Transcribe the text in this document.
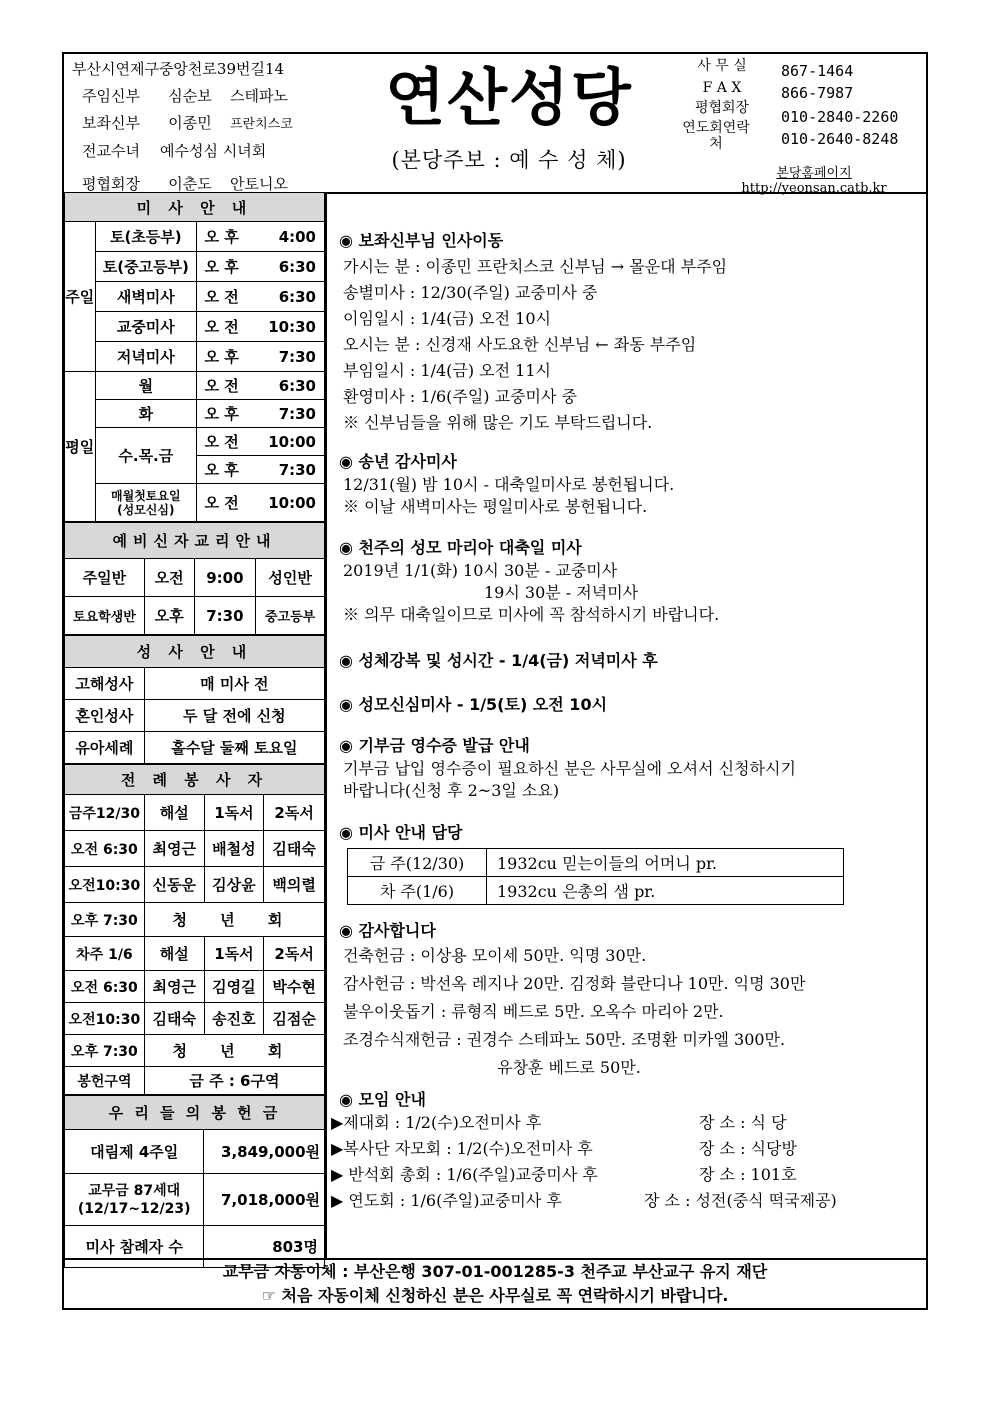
부산시연제구중앙천로39번길14
주임신부 심순보 스테파노
보좌신부 이종민 프란치스코
전교수녀 예수성심 시녀회
평협회장 이춘도 안토니오
연산성당
(본당주보 : 예 수 성 체)
사 무 실	867-1464
F A X	866-7987
평협회장	010-2840-2260
연도회연락처	010-2640-8248
본당홈페이지
http://yeonsan.catb.kr
미 사 안 내			
주일	토(초등부)	오 후	4:00
	토(중고등부)	오 후	6:30
	새벽미사	오 전	6:30
	교중미사	오 전	10:30
	저녁미사	오 후	7:30
평일	월	오 전	6:30
	화	오 후	7:30
	수.목.금	오 전	10:00
		오 후	7:30

	매월첫토요일
(성모신심)	오 전	10:00
예비신자교리안내			
주일반	오전	9:00	성인반
토요학생반	오후	7:30	중고등부
성 사 안 내	
고해성사	매 미사 전
혼인성사	두 달 전에 신청
유아세례	홀수달 둘째 토요일
전 례 봉 사 자			
금주12/30	해설	1독서	2독서
오전 6:30	최영근	배철성	김태숙
오전10:30	신동운	김상윤	백의렬
오후 7:30	청 년 회		
차주 1/6	해설	1독서	2독서
오전 6:30	최영근	김영길	박수현
오전10:30	김태숙	송진호	김점순
오후 7:30	청 년 회		
봉헌구역	금 주 : 6구역		
우 리 들 의 봉 헌 금	
대림제 4주일	3,849,000원

교무금 87세대
(12/17~12/23)	7,018,000원
미사 참례자 수	803명
◉ 보좌신부님 인사이동
가시는 분 : 이종민 프란치스코 신부님 → 몰운대 부주임
송별미사 : 12/30(주일) 교중미사 중
이임일시 : 1/4(금) 오전 10시
오시는 분 : 신경재 사도요한 신부님 ← 좌동 부주임
부임일시 : 1/4(금) 오전 11시
환영미사 : 1/6(주일) 교중미사 중
※ 신부님들을 위해 많은 기도 부탁드립니다.
◉ 송년 감사미사
12/31(월) 밤 10시 - 대축일미사로 봉헌됩니다.
※ 이날 새벽미사는 평일미사로 봉헌됩니다.
◉ 천주의 성모 마리아 대축일 미사
2019년 1/1(화) 10시 30분 - 교중미사
19시 30분 - 저녁미사
※ 의무 대축일이므로 미사에 꼭 참석하시기 바랍니다.
◉ 성체강복 및 성시간 - 1/4(금) 저녁미사 후
◉ 성모신심미사 - 1/5(토) 오전 10시
◉ 기부금 영수증 발급 안내
기부금 납입 영수증이 필요하신 분은 사무실에 오셔서 신청하시기
바랍니다(신청 후 2~3일 소요)
◉ 미사 안내 담당
금 주(12/30)	1932cu 믿는이들의 어머니 pr.
차 주(1/6)	1932cu 은총의 샘 pr.
◉ 감사합니다
건축헌금 : 이상용 모이세 50만. 익명 30만.
감사헌금 : 박선옥 레지나 20만. 김정화 블란디나 10만. 익명 30만
불우이웃돕기 : 류형직 베드로 5만. 오옥수 마리아 2만.
조경수식재헌금 : 권경수 스테파노 50만. 조명환 미카엘 300만.
유창훈 베드로 50만.
◉ 모임 안내
▶제대회 : 1/2(수)오전미사 후	장 소 : 식 당
▶복사단 자모회 : 1/2(수)오전미사 후	장 소 : 식당방
▶ 반석회 총회 : 1/6(주일)교중미사 후	장 소 : 101호
▶ 연도회 : 1/6(주일)교중미사 후	장 소 : 성전(중식 떡국제공)
교무금 자동이체 : 부산은행 307-01-001285-3 천주교 부산교구 유지 재단
☞ 처음 자동이체 신청하신 분은 사무실로 꼭 연락하시기 바랍니다.
